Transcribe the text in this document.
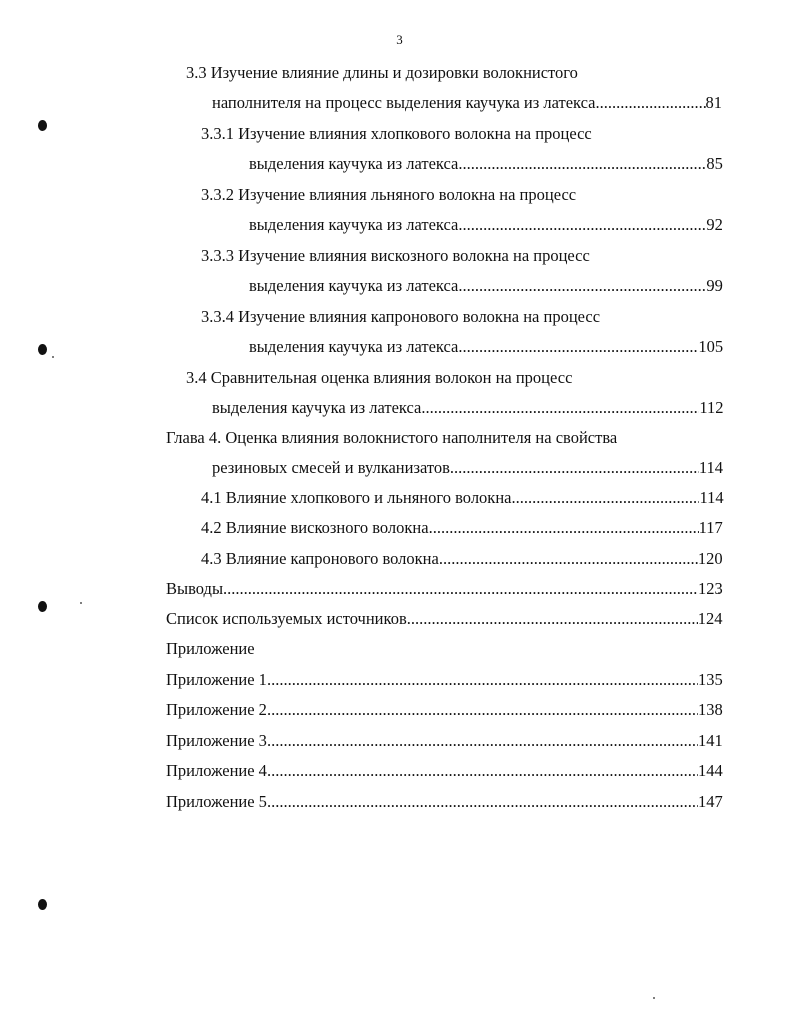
3
3.3 Изучение влияние длины и дозировки волокнистого
наполнителя на процесс выделения каучука из латекса .....	81
3.3.1 Изучение влияния хлопкового волокна на процесс
выделения каучука из латекса .....	85
3.3.2 Изучение влияния льняного волокна на процесс
выделения каучука из латекса .....	92
3.3.3 Изучение влияния вискозного волокна на процесс
выделения каучука из латекса .....	99
3.3.4 Изучение влияния капронового волокна на процесс
выделения каучука из латекса .....	105
3.4 Сравнительная оценка влияния волокон на процесс
выделения каучука из латекса .....	112
Глава 4. Оценка влияния волокнистого наполнителя на свойства
резиновых смесей и вулканизатов .....	114
4.1 Влияние хлопкового и льняного волокна .....	114
4.2 Влияние вискозного волокна .....	117
4.3 Влияние капронового волокна .....	120
Выводы .....	123
Список используемых источников .....	124
Приложение
Приложение 1 .....	135
Приложение 2 .....	138
Приложение 3 .....	141
Приложение 4 .....	144
Приложение 5 .....	147
